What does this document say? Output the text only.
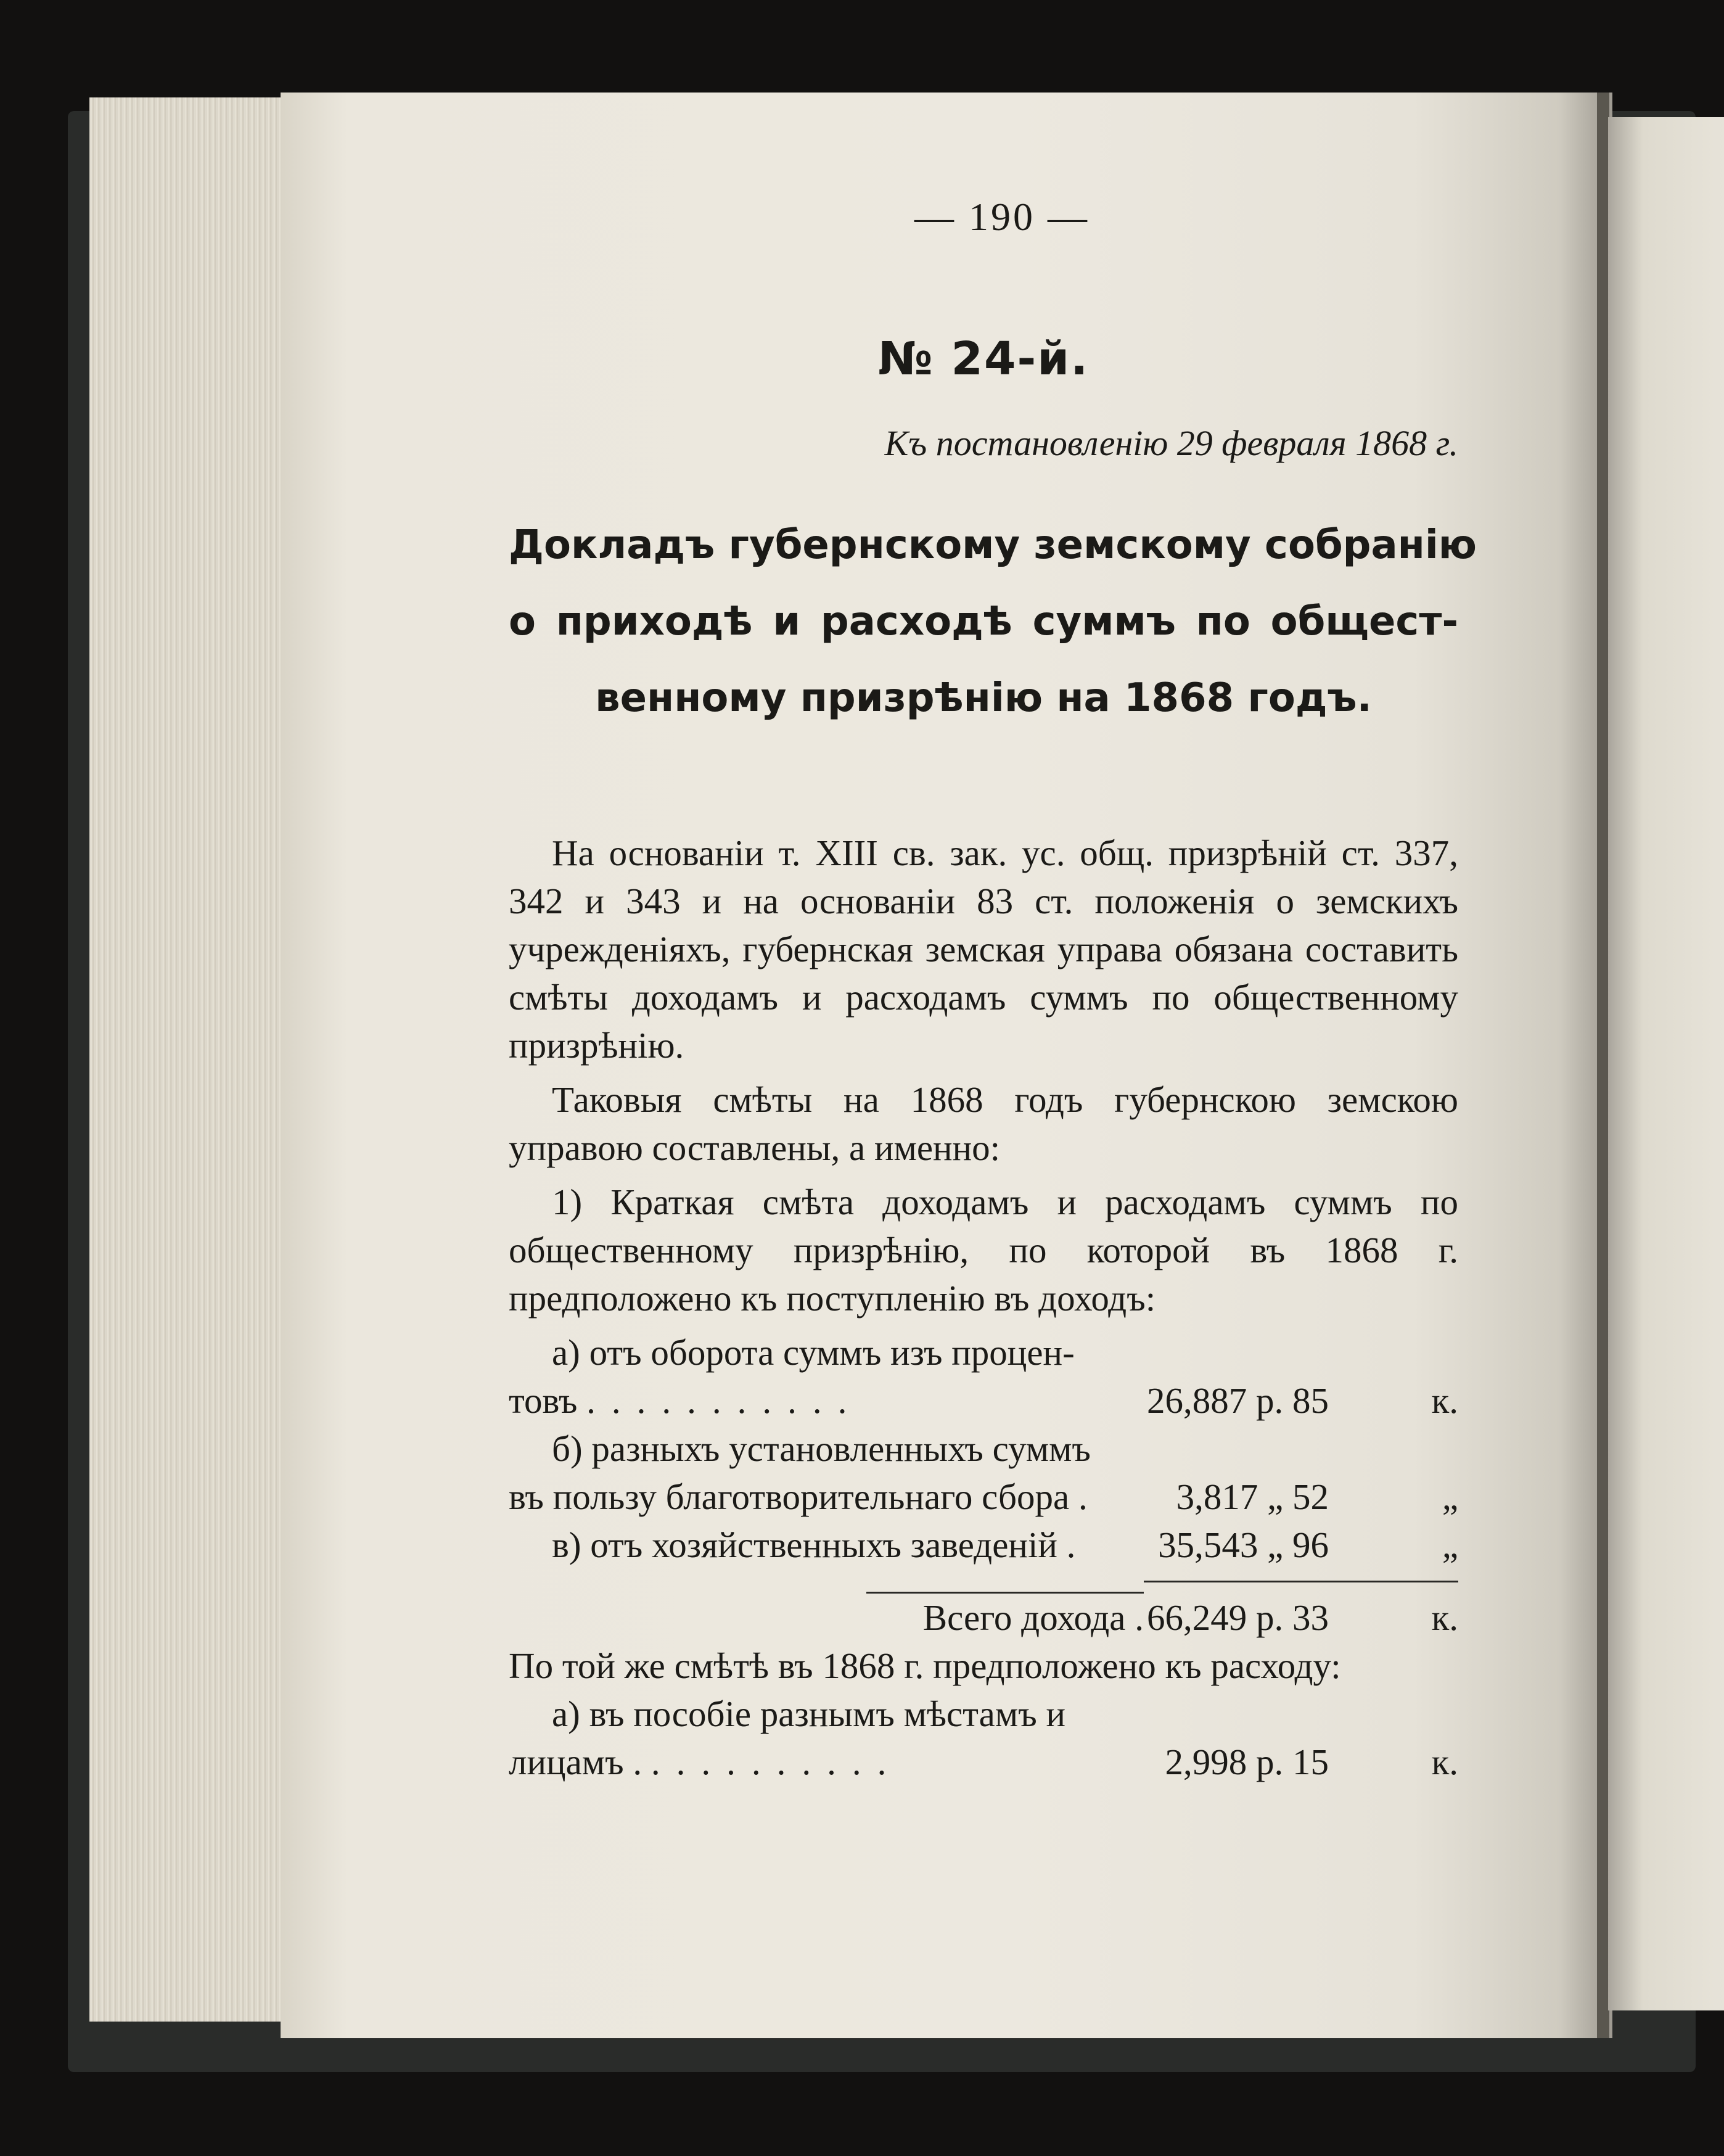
— 190 —
№ 24-й.
Къ постановленію 29 февраля 1868 г.
Докладъ губернскому земскому собранію
о приходѣ и расходѣ суммъ по общест-
венному призрѣнію на 1868 годъ.

На основаніи т. XIII св. зак. ус. общ. призрѣній ст. 337, 342 и 343 и на основаніи 83 ст. положенія о земскихъ учрежденіяхъ, губернская земская управа обязана составить смѣты доходамъ и расходамъ суммъ по общественному призрѣнію.

Таковыя смѣты на 1868 годъ губернскою земскою управою составлены, а именно:

1) Краткая смѣта доходамъ и расходамъ суммъ по общественному призрѣнію, по которой въ 1868 г. предположено къ поступленію въ доходъ:

а) отъ оборота суммъ изъ процен-		
товъ ...........	26,887 р. 85	к.
б) разныхъ установленныхъ суммъ		
въ пользу благотворительнаго сбора .	3,817 „ 52	„
в) отъ хозяйственныхъ заведеній .	35,543 „ 96	„

Всего дохода .	66,249 р. 33	к.

По той же смѣтѣ въ 1868 г. предположено къ расходу:

а) въ пособіе разнымъ мѣстамъ и
лицамъ . ..........	2,998 р. 15	к.
